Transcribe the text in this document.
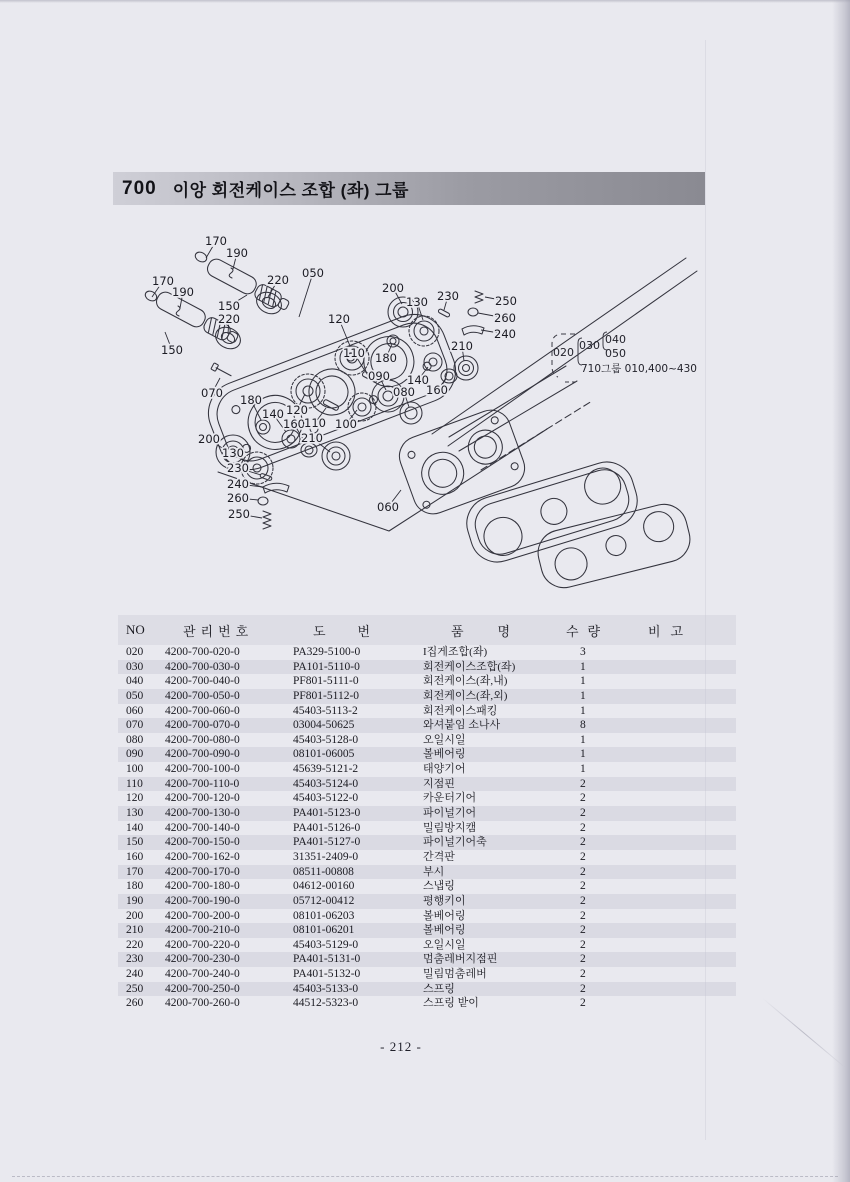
700 이앙 회전케이스 조합 (좌) 그룹
170
190
170
190
150
220 050
220
150
200
130
120
110 180
140
160
210
230	250
260
240
090
080
070 180
140 120
160 110 100
200
130
210
230
240
260
250	060
020
030 040
050
710그룹 010,400~430
NO	관리번호	도번	품명	수량	비고
020	4200-700-020-0	PA329-5100-0	I집게조합(좌)	3
030	4200-700-030-0	PA101-5110-0	회전케이스조합(좌)	1
040	4200-700-040-0	PF801-5111-0	회전케이스(좌,내)	1
050	4200-700-050-0	PF801-5112-0	회전케이스(좌,외)	1
060	4200-700-060-0	45403-5113-2	회전케이스패킹	1
070	4200-700-070-0	03004-50625	와셔붙임 소나사	8
080	4200-700-080-0	45403-5128-0	오일시일	1
090	4200-700-090-0	08101-06005	볼베어링	1
100	4200-700-100-0	45639-5121-2	태양기어	1
110	4200-700-110-0	45403-5124-0	지점핀	2
120	4200-700-120-0	45403-5122-0	카운터기어	2
130	4200-700-130-0	PA401-5123-0	파이널기어	2
140	4200-700-140-0	PA401-5126-0	밀림방지캠	2
150	4200-700-150-0	PA401-5127-0	파이널기어축	2
160	4200-700-162-0	31351-2409-0	간격판	2
170	4200-700-170-0	08511-00808	부시	2
180	4200-700-180-0	04612-00160	스냅링	2
190	4200-700-190-0	05712-00412	평행키이	2
200	4200-700-200-0	08101-06203	볼베어링	2
210	4200-700-210-0	08101-06201	볼베어링	2
220	4200-700-220-0	45403-5129-0	오일시일	2
230	4200-700-230-0	PA401-5131-0	멈춤레버지점핀	2
240	4200-700-240-0	PA401-5132-0	밀림멈춤레버	2
250	4200-700-250-0	45403-5133-0	스프링	2
260	4200-700-260-0	44512-5323-0	스프링 받이	2
- 212 -
